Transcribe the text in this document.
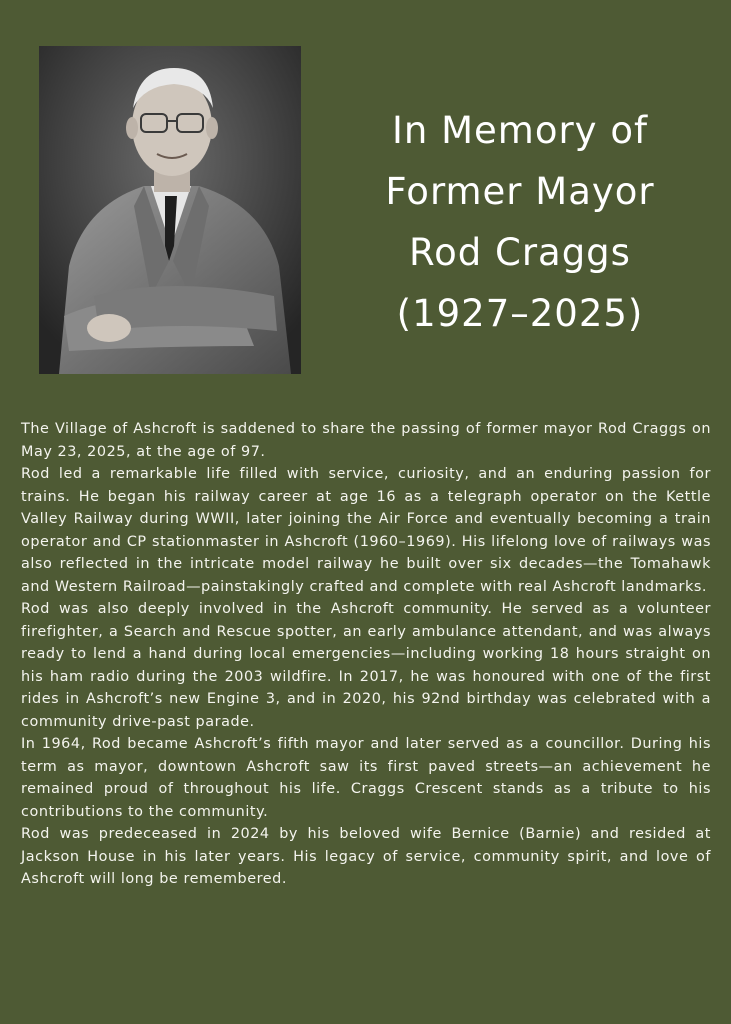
In Memory of
Former Mayor
Rod Craggs
(1927–2025)

The Village of Ashcroft is saddened to share the passing of former mayor Rod Craggs on May 23, 2025, at the age of 97.

Rod led a remarkable life filled with service, curiosity, and an enduring passion for trains. He began his railway career at age 16 as a telegraph operator on the Kettle Valley Railway during WWII, later joining the Air Force and eventually becoming a train operator and CP stationmaster in Ashcroft (1960–1969). His lifelong love of railways was also reflected in the intricate model railway he built over six decades—the Tomahawk and Western Railroad—painstakingly crafted and complete with real Ashcroft landmarks.

Rod was also deeply involved in the Ashcroft community. He served as a volunteer firefighter, a Search and Rescue spotter, an early ambulance attendant, and was always ready to lend a hand during local emergencies—including working 18 hours straight on his ham radio during the 2003 wildfire. In 2017, he was honoured with one of the first rides in Ashcroft’s new Engine 3, and in 2020, his 92nd birthday was celebrated with a community drive-past parade.

In 1964, Rod became Ashcroft’s fifth mayor and later served as a councillor. During his term as mayor, downtown Ashcroft saw its first paved streets—an achievement he remained proud of throughout his life. Craggs Crescent stands as a tribute to his contributions to the community.

Rod was predeceased in 2024 by his beloved wife Bernice (Barnie) and resided at Jackson House in his later years. His legacy of service, community spirit, and love of Ashcroft will long be remembered.
